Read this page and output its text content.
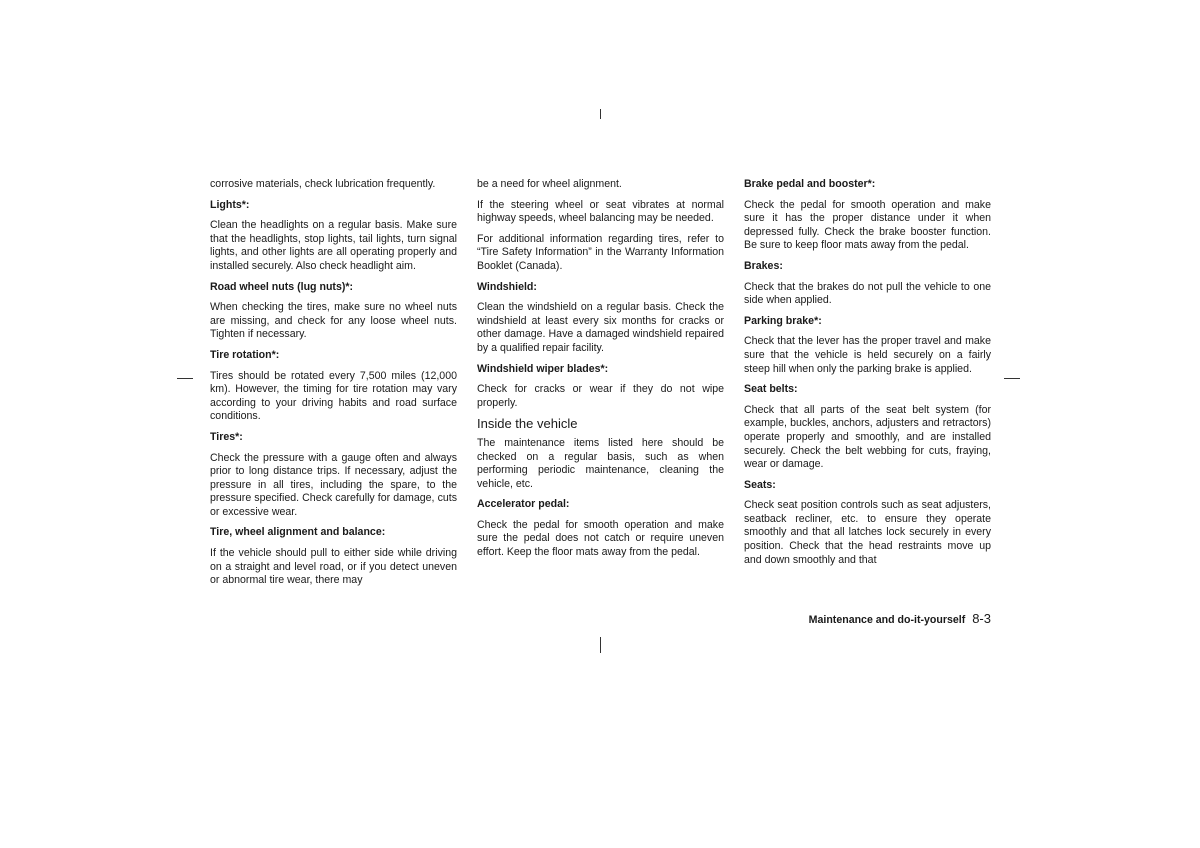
corrosive materials, check lubrication frequently.

Lights*:

Clean the headlights on a regular basis. Make sure that the headlights, stop lights, tail lights, turn signal lights, and other lights are all operating properly and installed securely. Also check headlight aim.

Road wheel nuts (lug nuts)*:

When checking the tires, make sure no wheel nuts are missing, and check for any loose wheel nuts. Tighten if necessary.

Tire rotation*:

Tires should be rotated every 7,500 miles (12,000 km). However, the timing for tire rotation may vary according to your driving habits and road surface conditions.

Tires*:

Check the pressure with a gauge often and always prior to long distance trips. If necessary, adjust the pressure in all tires, including the spare, to the pressure specified. Check carefully for damage, cuts or excessive wear.

Tire, wheel alignment and balance:

If the vehicle should pull to either side while driving on a straight and level road, or if you detect uneven or abnormal tire wear, there may

be a need for wheel alignment.

If the steering wheel or seat vibrates at normal highway speeds, wheel balancing may be needed.

For additional information regarding tires, refer to “Tire Safety Information” in the Warranty Information Booklet (Canada).

Windshield:

Clean the windshield on a regular basis. Check the windshield at least every six months for cracks or other damage. Have a damaged windshield repaired by a qualified repair facility.

Windshield wiper blades*:

Check for cracks or wear if they do not wipe properly.

Inside the vehicle

The maintenance items listed here should be checked on a regular basis, such as when performing periodic maintenance, cleaning the vehicle, etc.

Accelerator pedal:

Check the pedal for smooth operation and make sure the pedal does not catch or require uneven effort. Keep the floor mats away from the pedal.

Brake pedal and booster*:

Check the pedal for smooth operation and make sure it has the proper distance under it when depressed fully. Check the brake booster function. Be sure to keep floor mats away from the pedal.

Brakes:

Check that the brakes do not pull the vehicle to one side when applied.

Parking brake*:

Check that the lever has the proper travel and make sure that the vehicle is held securely on a fairly steep hill when only the parking brake is applied.

Seat belts:

Check that all parts of the seat belt system (for example, buckles, anchors, adjusters and retractors) operate properly and smoothly, and are installed securely. Check the belt webbing for cuts, fraying, wear or damage.

Seats:

Check seat position controls such as seat adjusters, seatback recliner, etc. to ensure they operate smoothly and that all latches lock securely in every position. Check that the head restraints move up and down smoothly and that

Maintenance and do-it-yourself 8-3
